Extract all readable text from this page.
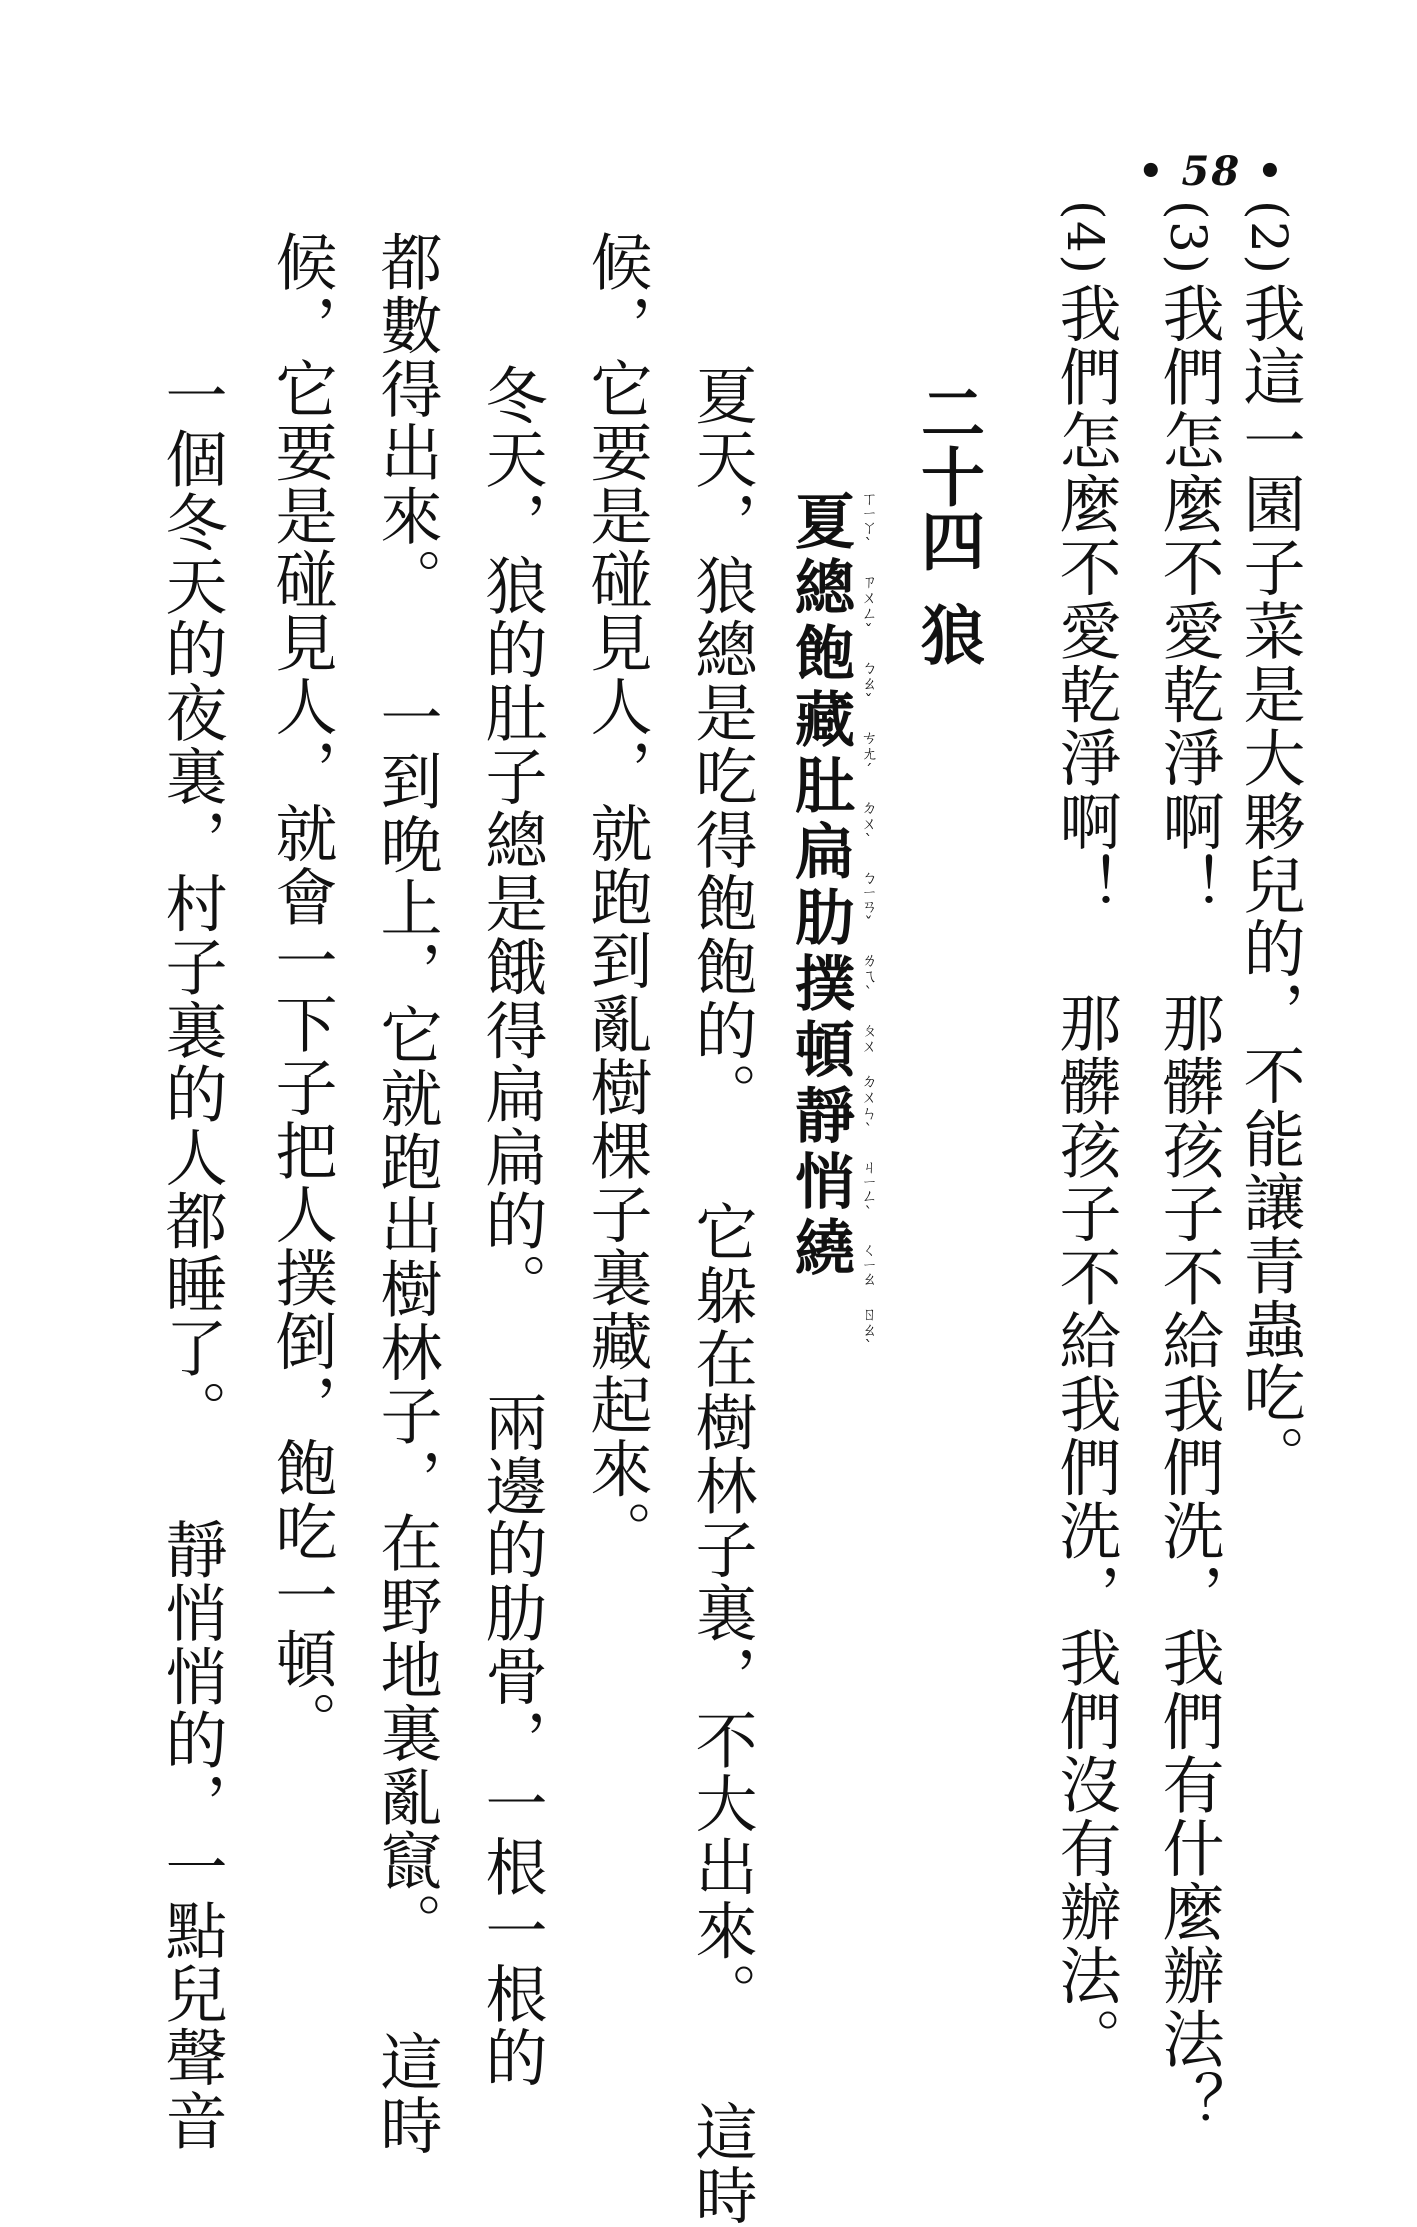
• 58 •
(2)我這一園子菜是大夥兒的，不能讓青蟲吃。
(3)我們怎麼不愛乾淨啊！ 那髒孩子不給我們洗，我們有什麼辦法？
(4)我們怎麼不愛乾淨啊！ 那髒孩子不給我們洗，我們沒有辦法。
二十四狼
夏總飽藏肚扁肋撲頓靜悄繞 ㄒㄧㄚˋ ㄗㄨㄥˇ ㄅㄠˇ ㄘㄤˊ ㄉㄨˋ ㄅㄧㄢˇ ㄌㄟˋ ㄆㄨ ㄉㄨㄣˋ ㄐㄧㄥˋ ㄑㄧㄠ ㄖㄠˋ
　夏天，狼總是吃得飽飽的。 它躲在樹林子裏，不大出來。 這時
候，它要是碰見人，就跑到亂樹棵子裏藏起來。
　冬天，狼的肚子總是餓得扁扁的。 兩邊的肋骨，一根一根的
都數得出來。 一到晚上，它就跑出樹林子，在野地裏亂竄。 這時
候，它要是碰見人，就會一下子把人撲倒，飽吃一頓。
　一個冬天的夜裏，村子裏的人都睡了。 靜悄悄的，一點兒聲音
